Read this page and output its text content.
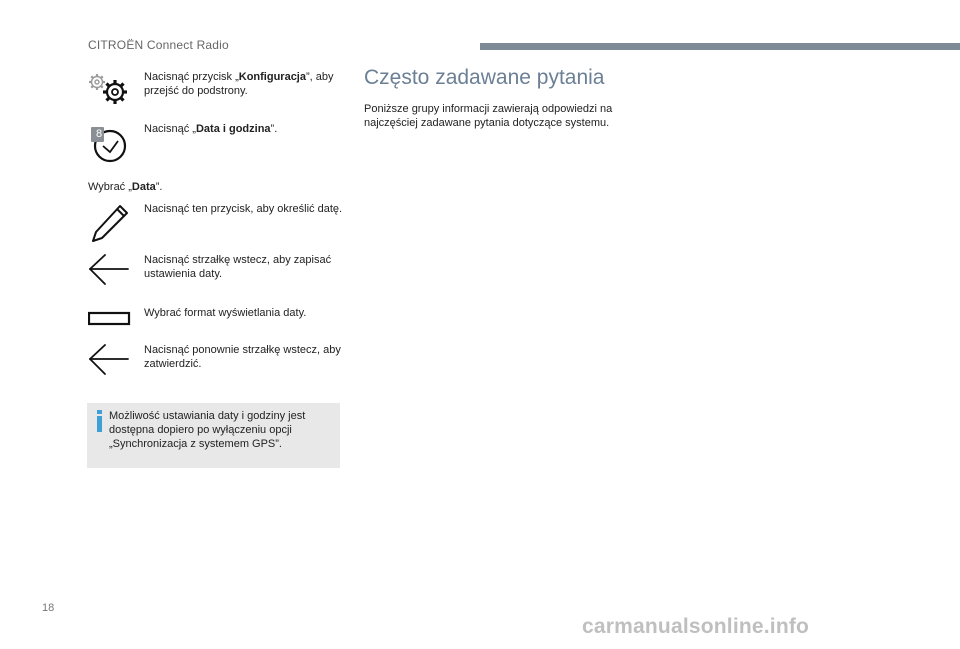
CITROËN Connect Radio
Nacisnąć przycisk „Konfiguracja”, aby przejść do podstrony.
8	Nacisnąć „Data i godzina”.
Wybrać „Data”.
Nacisnąć ten przycisk, aby określić datę.
Nacisnąć strzałkę wstecz, aby zapisać ustawienia daty.
Wybrać format wyświetlania daty.
Nacisnąć ponownie strzałkę wstecz, aby zatwierdzić.
Możliwość ustawiania daty i godziny jest dostępna dopiero po wyłączeniu opcji „Synchronizacja z systemem GPS”.
Często zadawane pytania
Poniższe grupy informacji zawierają odpowiedzi na najczęściej zadawane pytania dotyczące systemu.
18
carmanualsonline.info
